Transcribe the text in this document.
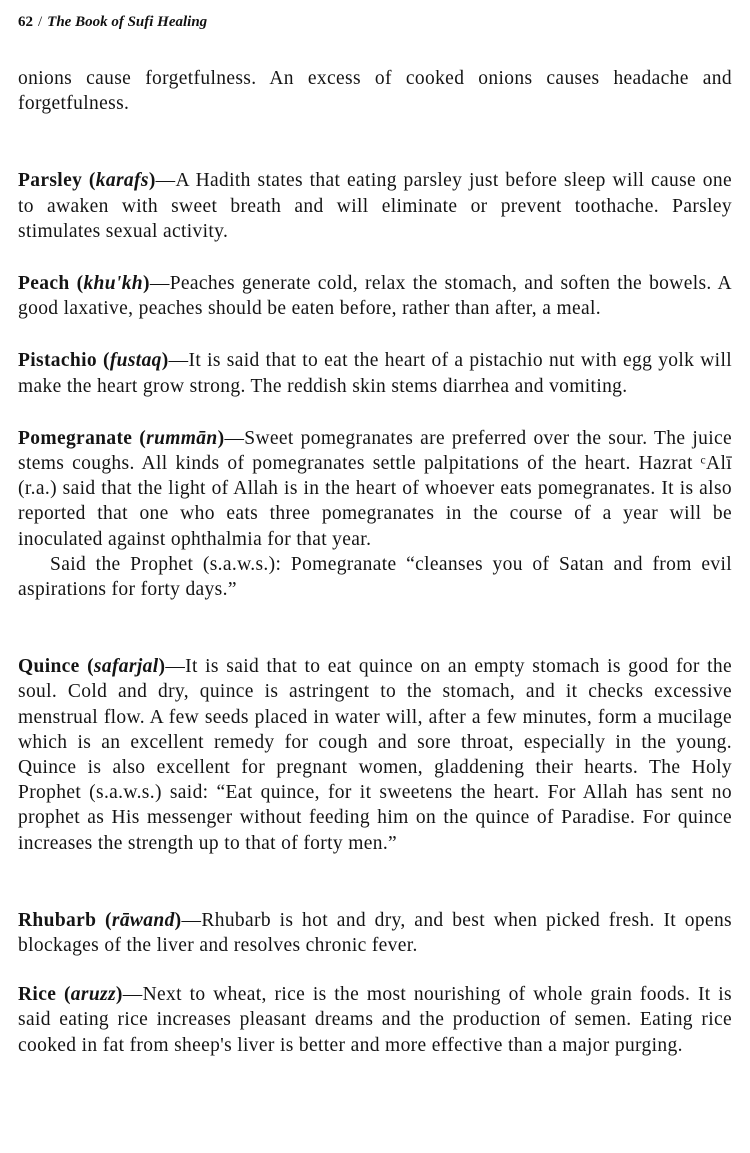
62 / The Book of Sufi Healing

onions cause forgetfulness. An excess of cooked onions causes headache and forgetfulness.

Parsley (karafs)—A Hadith states that eating parsley just before sleep will cause one to awaken with sweet breath and will eliminate or prevent toothache. Parsley stimulates sexual activity.

Peach (khu'kh)—Peaches generate cold, relax the stomach, and soften the bowels. A good laxative, peaches should be eaten before, rather than after, a meal.

Pistachio (fustaq)—It is said that to eat the heart of a pistachio nut with egg yolk will make the heart grow strong. The reddish skin stems diarrhea and vomiting.

Pomegranate (rummān)—Sweet pomegranates are preferred over the sour. The juice stems coughs. All kinds of pomegranates settle palpitations of the heart. Hazrat ᶜAlī (r.a.) said that the light of Allah is in the heart of whoever eats pomegranates. It is also reported that one who eats three pomegranates in the course of a year will be inoculated against ophthalmia for that year.

Said the Prophet (s.a.w.s.): Pomegranate “cleanses you of Satan and from evil aspirations for forty days.”

Quince (safarjal)—It is said that to eat quince on an empty stomach is good for the soul. Cold and dry, quince is astringent to the stomach, and it checks excessive menstrual flow. A few seeds placed in water will, after a few minutes, form a mucilage which is an excellent remedy for cough and sore throat, especially in the young. Quince is also excellent for pregnant women, gladdening their hearts. The Holy Prophet (s.a.w.s.) said: “Eat quince, for it sweetens the heart. For Allah has sent no prophet as His messenger without feeding him on the quince of Paradise. For quince increases the strength up to that of forty men.”

Rhubarb (rāwand)—Rhubarb is hot and dry, and best when picked fresh. It opens blockages of the liver and resolves chronic fever.

Rice (aruzz)—Next to wheat, rice is the most nourishing of whole grain foods. It is said eating rice increases pleasant dreams and the production of semen. Eating rice cooked in fat from sheep's liver is better and more effective than a major purging.
